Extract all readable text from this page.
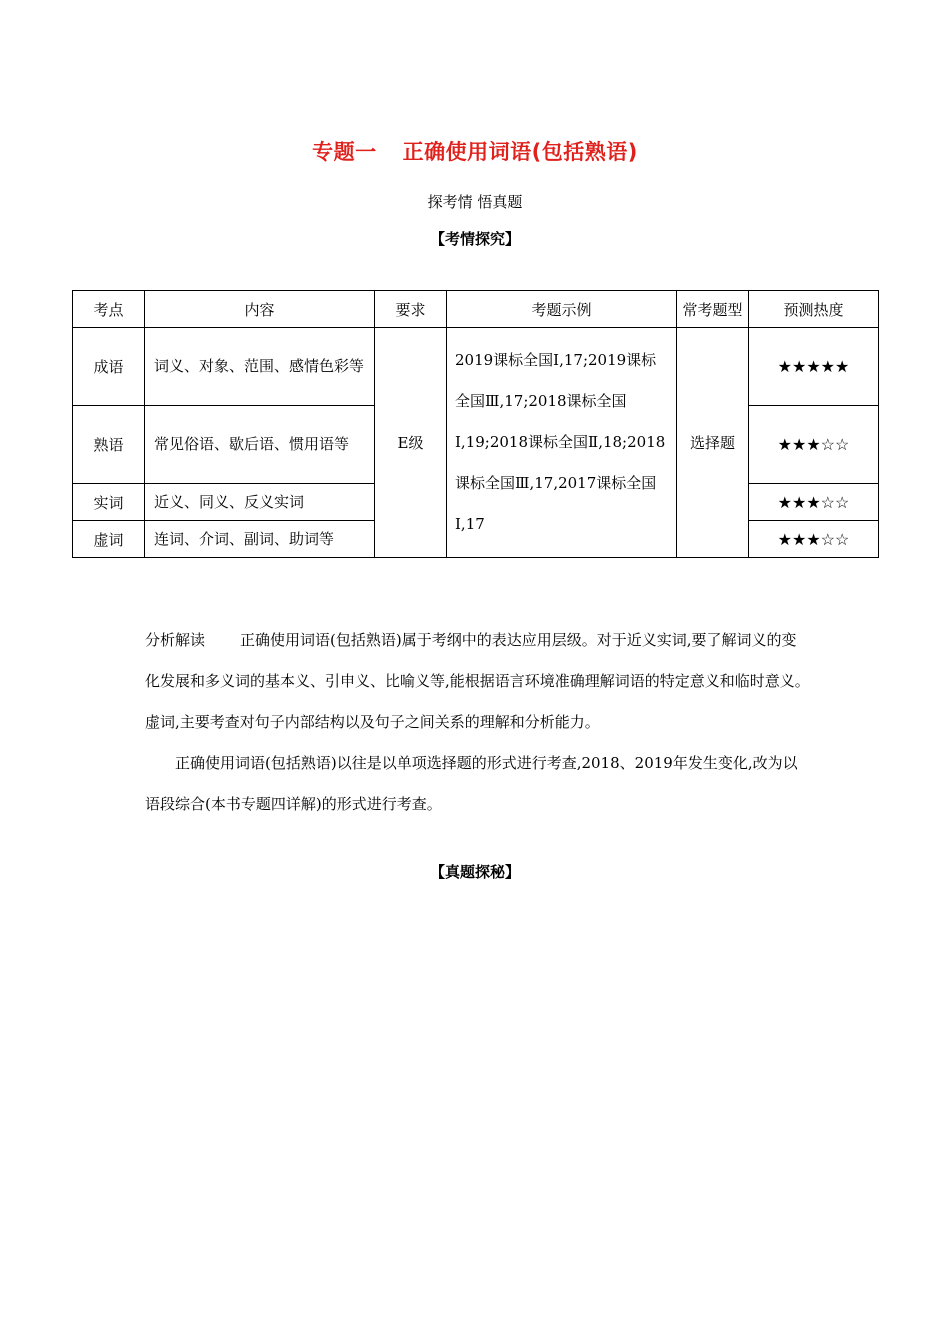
专题一 正确使用词语(包括熟语)
探考情 悟真题
【考情探究】
考点	内容	要求	考题示例	常考题型	预测热度
成语	词义、对象、范围、感情色彩等	E级	2019课标全国Ⅰ,17;2019课标全国Ⅲ,17;2018课标全国Ⅰ,19;2018课标全国Ⅱ,18;2018课标全国Ⅲ,17,2017课标全国Ⅰ,17	选择题	★★★★★
熟语	常见俗语、歇后语、惯用语等				★★★☆☆
实词	近义、同义、反义实词				★★★☆☆
虚词	连词、介词、副词、助词等				★★★☆☆
分析解读 正确使用词语(包括熟语)属于考纲中的表达应用层级。对于近义实词,要了解词义的变化发展和多义词的基本义、引申义、比喻义等,能根据语言环境准确理解词语的特定意义和临时意义。虚词,主要考查对句子内部结构以及句子之间关系的理解和分析能力。
正确使用词语(包括熟语)以往是以单项选择题的形式进行考查,2018、2019年发生变化,改为以语段综合(本书专题四详解)的形式进行考查。
【真题探秘】
